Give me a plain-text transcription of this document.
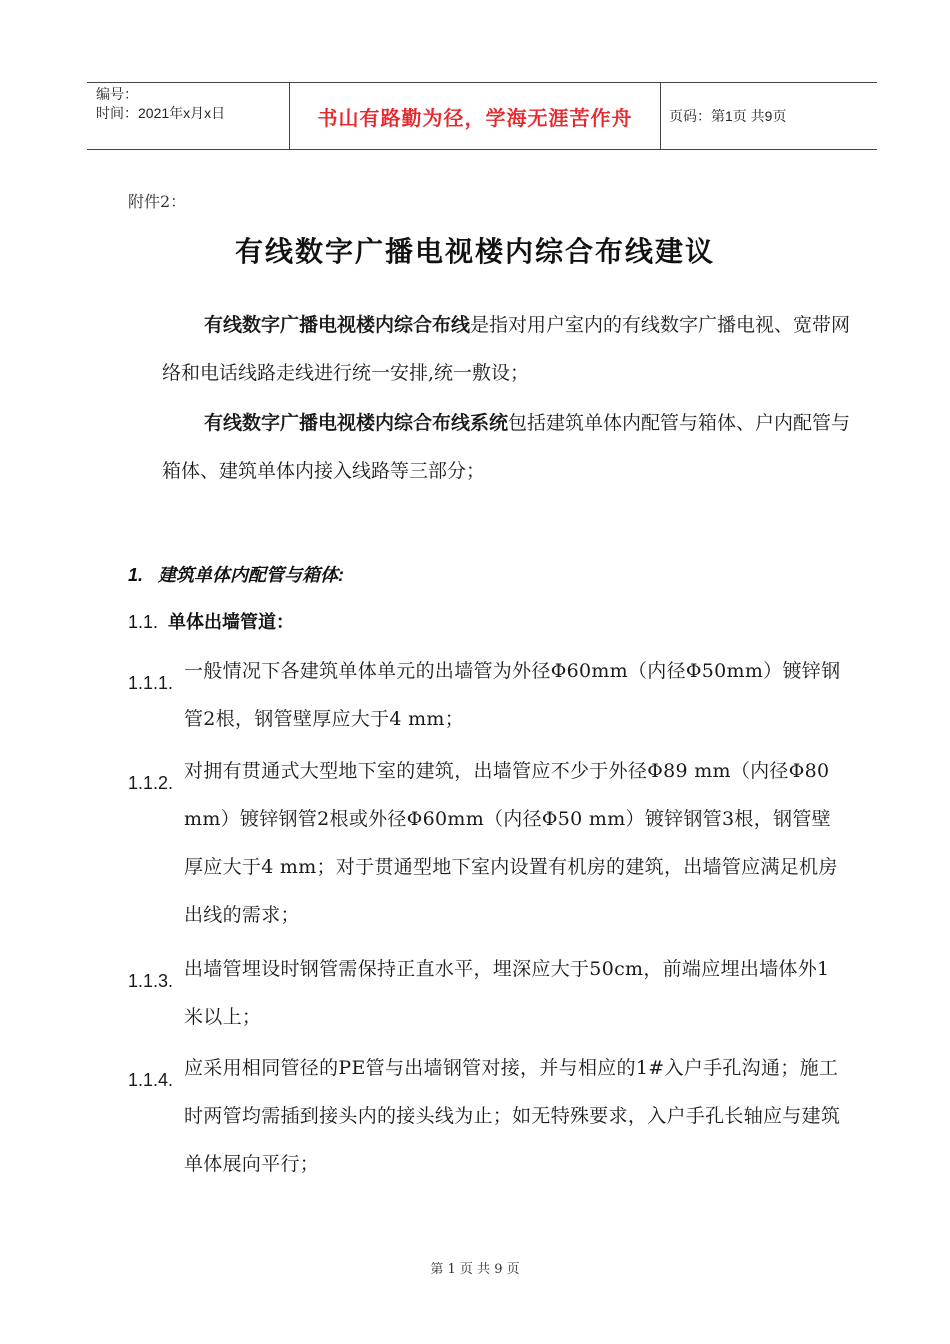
编号：
时间：2021年x月x日	书山有路勤为径，学海无涯苦作舟	页码：第1页 共9页
附件2：
有线数字广播电视楼内综合布线建议
有线数字广播电视楼内综合布线是指对用户室内的有线数字广播电视、宽带网络和电话线路走线进行统一安排,统一敷设；
有线数字广播电视楼内综合布线系统包括建筑单体内配管与箱体、户内配管与箱体、建筑单体内接入线路等三部分；
1. 建筑单体内配管与箱体:
1.1. 单体出墙管道：
1.1.1.
一般情况下各建筑单体单元的出墙管为外径Φ60mm（内径Φ50mm）镀锌钢管2根，钢管壁厚应大于4 mm；
1.1.2.
对拥有贯通式大型地下室的建筑，出墙管应不少于外径Φ89 mm（内径Φ80 mm）镀锌钢管2根或外径Φ60mm（内径Φ50 mm）镀锌钢管3根，钢管壁厚应大于4 mm；对于贯通型地下室内设置有机房的建筑，出墙管应满足机房出线的需求；
1.1.3.
出墙管埋设时钢管需保持正直水平，埋深应大于50cm，前端应埋出墙体外1米以上；
1.1.4.
应采用相同管径的PE管与出墙钢管对接，并与相应的1#入户手孔沟通；施工时两管均需插到接头内的接头线为止；如无特殊要求，入户手孔长轴应与建筑单体展向平行；
第 1 页 共 9 页
